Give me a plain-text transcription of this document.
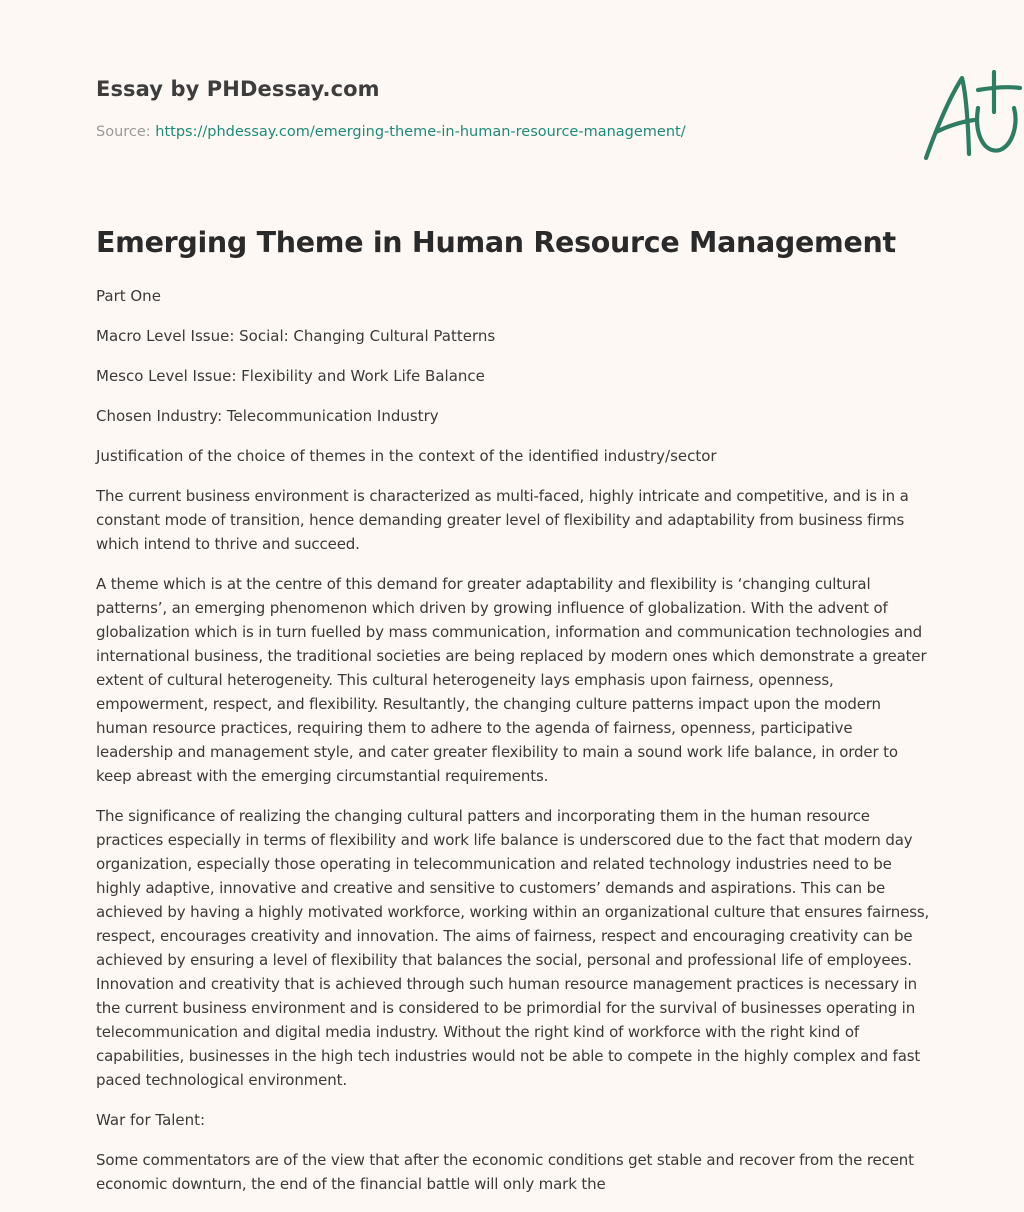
Essay by PHDessay.com
Source: https://phdessay.com/emerging-theme-in-human-resource-management/
Emerging Theme in Human Resource Management

Part One

Macro Level Issue: Social: Changing Cultural Patterns

Mesco Level Issue: Flexibility and Work Life Balance

Chosen Industry: Telecommunication Industry

Justification of the choice of themes in the context of the identified industry/sector

The current business environment is characterized as multi-faced, highly intricate and competitive, and is in a constant mode of transition, hence demanding greater level of flexibility and adaptability from business firms which intend to thrive and succeed.

A theme which is at the centre of this demand for greater adaptability and flexibility is ‘changing cultural patterns’, an emerging phenomenon which driven by growing influence of globalization. With the advent of globalization which is in turn fuelled by mass communication, information and communication technologies and international business, the traditional societies are being replaced by modern ones which demonstrate a greater extent of cultural heterogeneity. This cultural heterogeneity lays emphasis upon fairness, openness, empowerment, respect, and flexibility. Resultantly, the changing culture patterns impact upon the modern human resource practices, requiring them to adhere to the agenda of fairness, openness, participative leadership and management style, and cater greater flexibility to main a sound work life balance, in order to keep abreast with the emerging circumstantial requirements.

The significance of realizing the changing cultural patters and incorporating them in the human resource practices especially in terms of flexibility and work life balance is underscored due to the fact that modern day organization, especially those operating in telecommunication and related technology industries need to be highly adaptive, innovative and creative and sensitive to customers’ demands and aspirations. This can be achieved by having a highly motivated workforce, working within an organizational culture that ensures fairness, respect, encourages creativity and innovation. The aims of fairness, respect and encouraging creativity can be achieved by ensuring a level of flexibility that balances the social, personal and professional life of employees. Innovation and creativity that is achieved through such human resource management practices is necessary in the current business environment and is considered to be primordial for the survival of businesses operating in telecommunication and digital media industry. Without the right kind of workforce with the right kind of capabilities, businesses in the high tech industries would not be able to compete in the highly complex and fast paced technological environment.

War for Talent:

Some commentators are of the view that after the economic conditions get stable and recover from the recent economic downturn, the end of the financial battle will only mark the
